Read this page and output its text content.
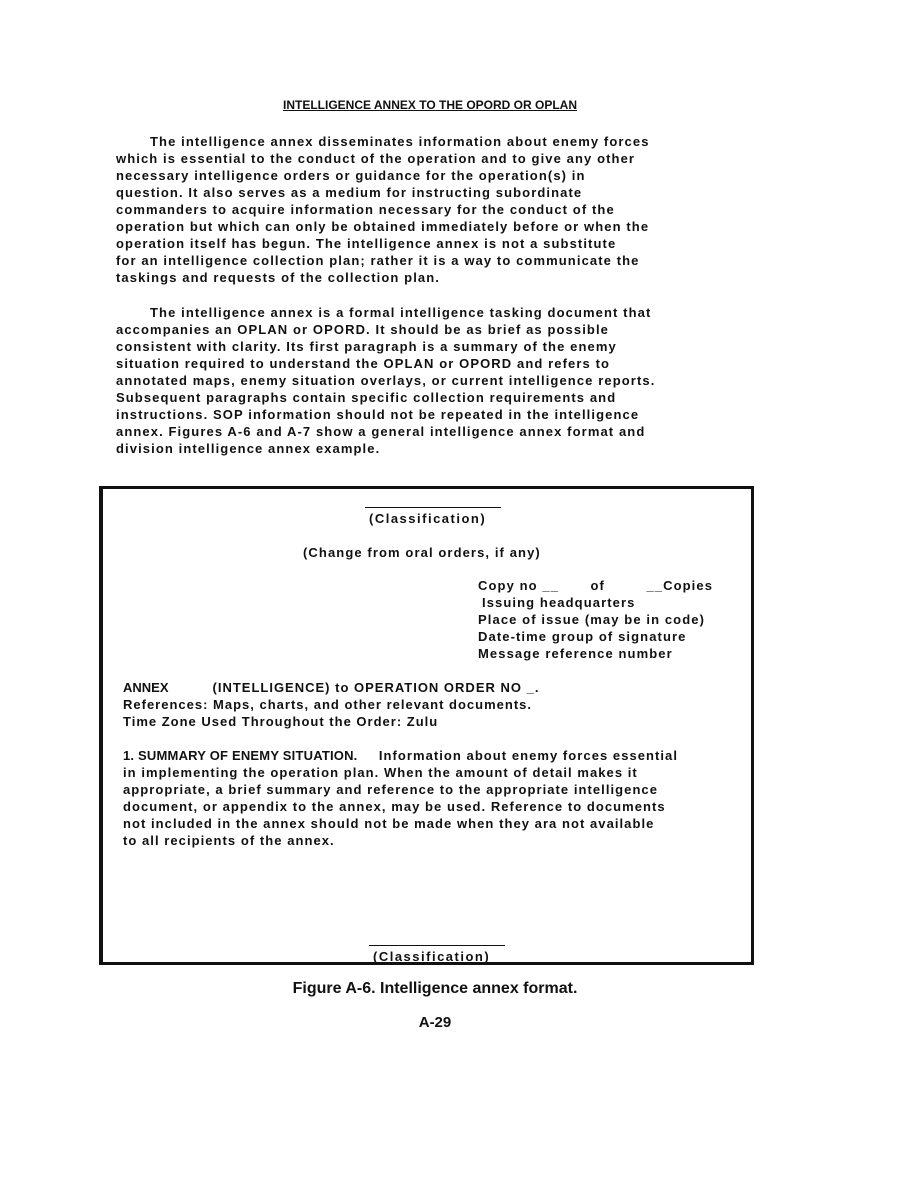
INTELLIGENCE ANNEX TO THE OPORD OR OPLAN
The intelligence annex disseminates information about enemy forces
which is essential to the conduct of the operation and to give any other
necessary intelligence orders or guidance for the operation(s) in
question. It also serves as a medium for instructing subordinate
commanders to acquire information necessary for the conduct of the
operation but which can only be obtained immediately before or when the
operation itself has begun. The intelligence annex is not a substitute
for an intelligence collection plan; rather it is a way to communicate the
taskings and requests of the collection plan.
The intelligence annex is a formal intelligence tasking document that
accompanies an OPLAN or OPORD. It should be as brief as possible
consistent with clarity. Its first paragraph is a summary of the enemy
situation required to understand the OPLAN or OPORD and refers to
annotated maps, enemy situation overlays, or current intelligence reports.
Subsequent paragraphs contain specific collection requirements and
instructions. SOP information should not be repeated in the intelligence
annex. Figures A-6 and A-7 show a general intelligence annex format and
division intelligence annex example.
(Classification)
(Change from oral orders, if any)
Copy no __ of	__Copies
Issuing headquarters
Place of issue (may be in code)
Date-time group of signature
Message reference number
ANNEX	(INTELLIGENCE) to OPERATION ORDER NO _.
References: Maps, charts, and other relevant documents.
Time Zone Used Throughout the Order: Zulu
1. SUMMARY OF ENEMY SITUATION. Information about enemy forces essential
in implementing the operation plan. When the amount of detail makes it
appropriate, a brief summary and reference to the appropriate intelligence
document, or appendix to the annex, may be used. Reference to documents
not included in the annex should not be made when they ara not available
to all recipients of the annex.
(Classification)
Figure A-6. Intelligence annex format.
A-29
